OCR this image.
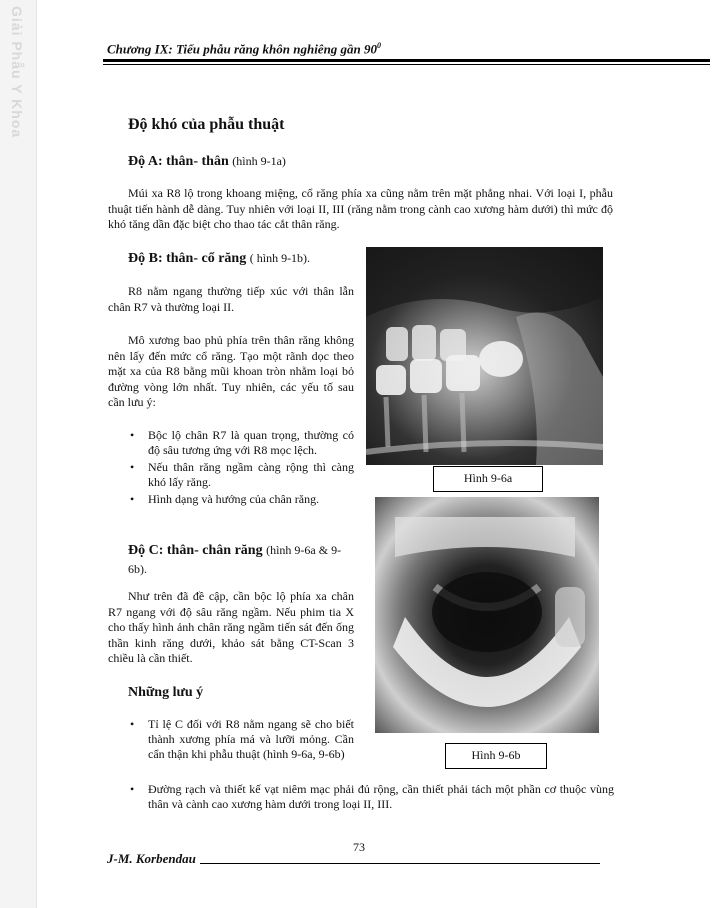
Giải Phẫu Y Khoa	Chương IX: Tiểu phẫu răng khôn nghiêng gần $90^0$
Độ khó của phẫu thuật
Độ A: thân- thân (hình 9-1a)

Múi xa R8 lộ trong khoang miệng, cổ răng phía xa cũng nằm trên mặt phẳng nhai. Với loại I, phẫu thuật tiến hành dễ dàng. Tuy nhiên với loại II, III (răng nằm trong cành cao xương hàm dưới) thì mức độ khó tăng dần đặc biệt cho thao tác cắt thân răng.

Độ B: thân- cổ răng ( hình 9-1b).

R8 nằm ngang thường tiếp xúc với thân lẫn chân R7 và thường loại II.

Mô xương bao phủ phía trên thân răng không nên lấy đến mức cổ răng. Tạo một rãnh dọc theo mặt xa của R8 bằng mũi khoan tròn nhằm loại bỏ đường vòng lớn nhất. Tuy nhiên, các yếu tố sau cần lưu ý:

• Bộc lộ chân R7 là quan trọng, thường có độ sâu tương ứng với R8 mọc lệch.
• Nếu thân răng ngầm càng rộng thì càng khó lấy răng.
• Hình dạng và hướng của chân răng.
Độ C: thân- chân răng (hình 9-6a & 9-6b).

Như trên đã đề cập, cần bộc lộ phía xa chân R7 ngang với độ sâu răng ngầm. Nếu phim tia X cho thấy hình ảnh chân răng ngầm tiến sát đến ống thần kinh răng dưới, khảo sát bằng CT-Scan 3 chiều là cần thiết.

Những lưu ý
• Tỉ lệ C đối với R8 nằm ngang sẽ cho biết thành xương phía má và lưỡi mỏng. Cần cẩn thận khi phẫu thuật (hình 9-6a, 9-6b)
• Đường rạch và thiết kế vạt niêm mạc phải đủ rộng, cần thiết phải tách một phần cơ thuộc vùng thân và cành cao xương hàm dưới trong loại II, III.
Hình 9-6a
Hình 9-6b
73
J-M. Korbendau
